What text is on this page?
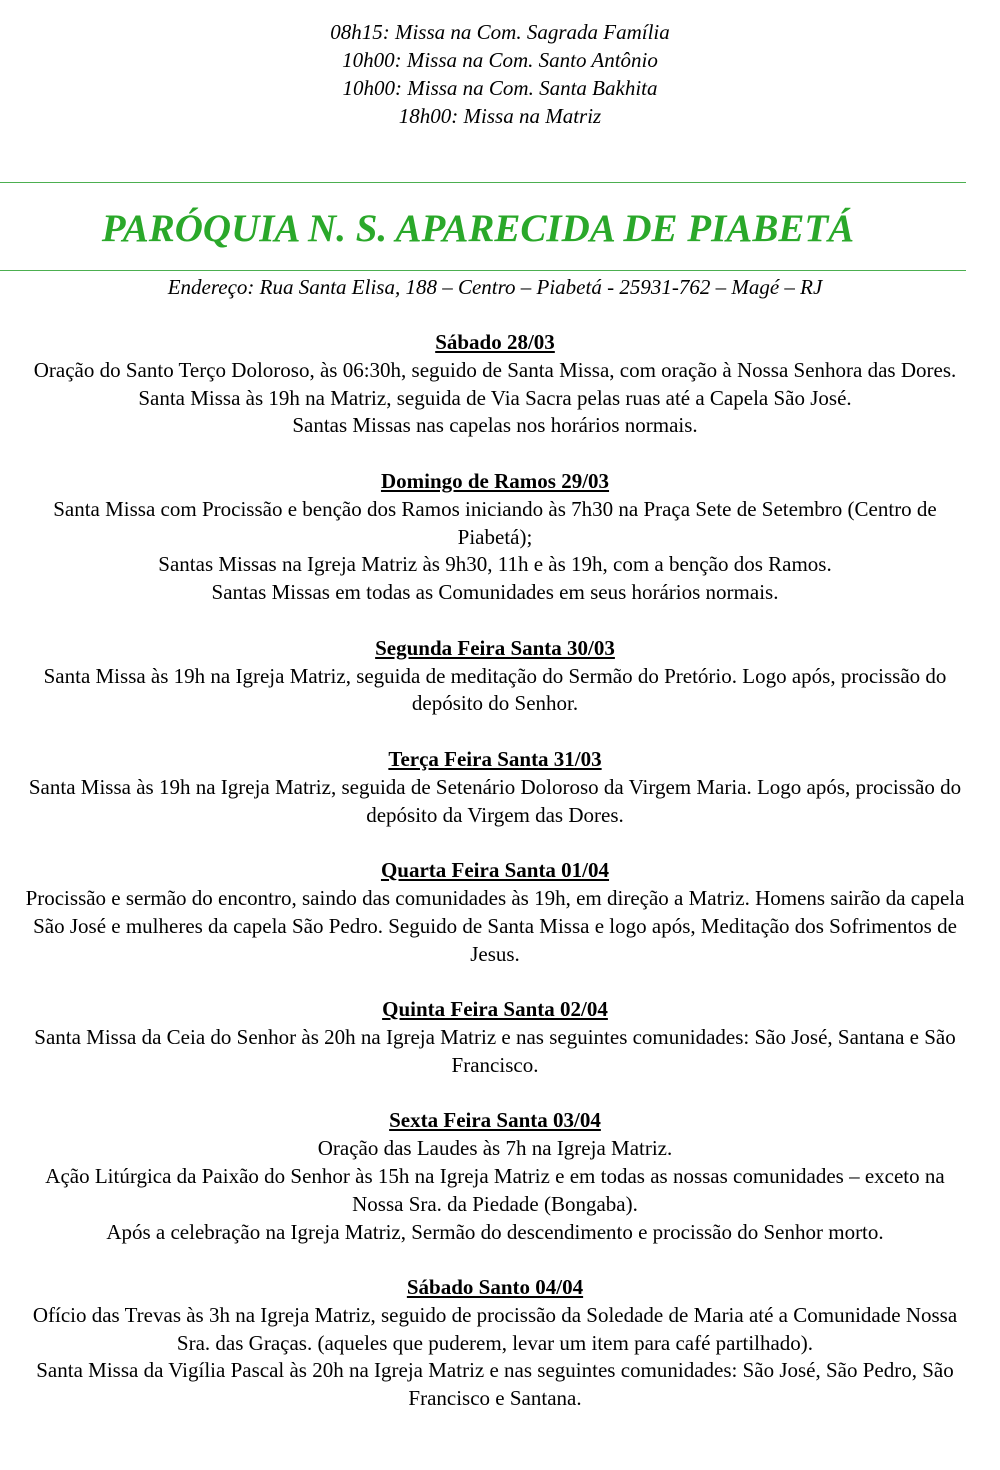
08h15: Missa na Com. Sagrada Família
10h00: Missa na Com. Santo Antônio
10h00: Missa na Com. Santa Bakhita
18h00: Missa na Matriz
PARÓQUIA N. S. APARECIDA DE PIABETÁ
Endereço: Rua Santa Elisa, 188 – Centro – Piabetá - 25931-762 – Magé – RJ
Sábado 28/03

Oração do Santo Terço Doloroso, às 06:30h, seguido de Santa Missa, com oração à Nossa Senhora das Dores.

Santa Missa às 19h na Matriz, seguida de Via Sacra pelas ruas até a Capela São José.

Santas Missas nas capelas nos horários normais.

Domingo de Ramos 29/03

Santa Missa com Procissão e benção dos Ramos iniciando às 7h30 na Praça Sete de Setembro (Centro de Piabetá);

Santas Missas na Igreja Matriz às 9h30, 11h e às 19h, com a benção dos Ramos.

Santas Missas em todas as Comunidades em seus horários normais.

Segunda Feira Santa 30/03

Santa Missa às 19h na Igreja Matriz, seguida de meditação do Sermão do Pretório. Logo após, procissão do depósito do Senhor.

Terça Feira Santa 31/03

Santa Missa às 19h na Igreja Matriz, seguida de Setenário Doloroso da Virgem Maria. Logo após, procissão do depósito da Virgem das Dores.

Quarta Feira Santa 01/04

Procissão e sermão do encontro, saindo das comunidades às 19h, em direção a Matriz. Homens sairão da capela São José e mulheres da capela São Pedro. Seguido de Santa Missa e logo após, Meditação dos Sofrimentos de Jesus.

Quinta Feira Santa 02/04

Santa Missa da Ceia do Senhor às 20h na Igreja Matriz e nas seguintes comunidades: São José, Santana e São Francisco.

Sexta Feira Santa 03/04

Oração das Laudes às 7h na Igreja Matriz.

Ação Litúrgica da Paixão do Senhor às 15h na Igreja Matriz e em todas as nossas comunidades – exceto na Nossa Sra. da Piedade (Bongaba).

Após a celebração na Igreja Matriz, Sermão do descendimento e procissão do Senhor morto.

Sábado Santo 04/04

Ofício das Trevas às 3h na Igreja Matriz, seguido de procissão da Soledade de Maria até a Comunidade Nossa Sra. das Graças. (aqueles que puderem, levar um item para café partilhado).

Santa Missa da Vigília Pascal às 20h na Igreja Matriz e nas seguintes comunidades: São José, São Pedro, São Francisco e Santana.
